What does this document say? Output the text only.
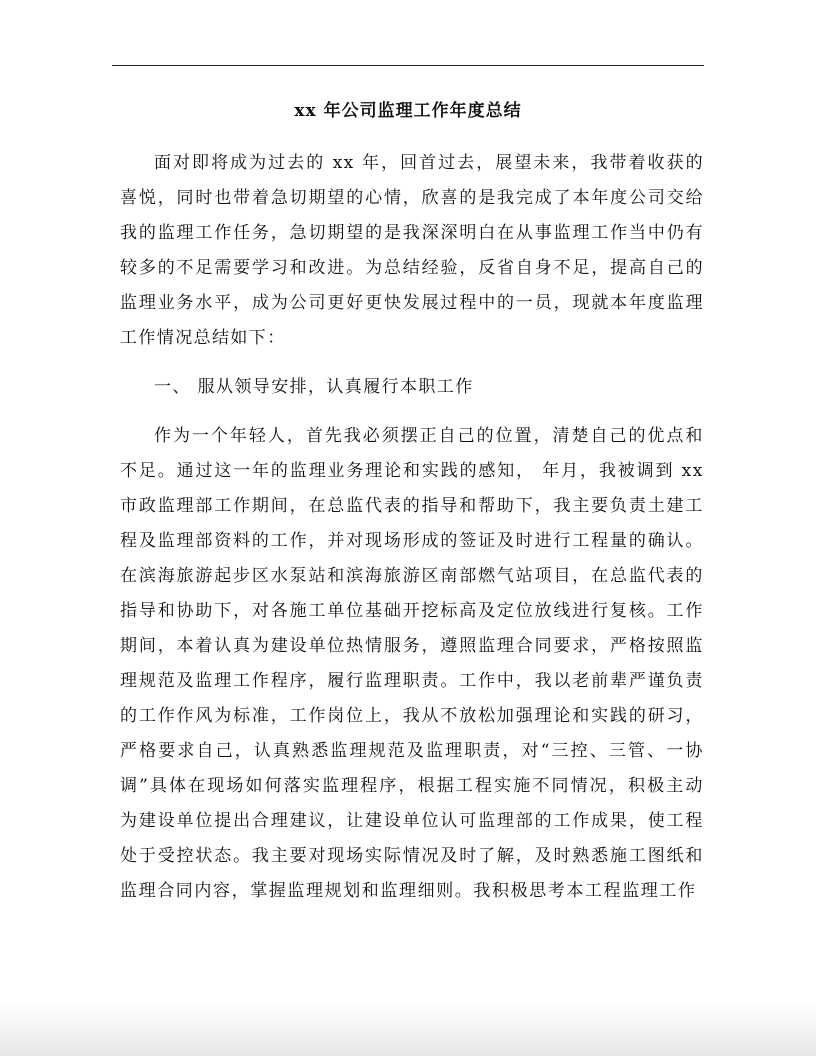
xx 年公司监理工作年度总结

面对即将成为过去的 xx 年，回首过去，展望未来，我带着收获的喜悦，同时也带着急切期望的心情，欣喜的是我完成了本年度公司交给我的监理工作任务，急切期望的是我深深明白在从事监理工作当中仍有较多的不足需要学习和改进。为总结经验，反省自身不足，提高自己的监理业务水平，成为公司更好更快发展过程中的一员，现就本年度监理工作情况总结如下：

一、 服从领导安排，认真履行本职工作

作为一个年轻人，首先我必须摆正自己的位置，清楚自己的优点和不足。通过这一年的监理业务理论和实践的感知， 年月，我被调到 xx 市政监理部工作期间，在总监代表的指导和帮助下，我主要负责土建工程及监理部资料的工作，并对现场形成的签证及时进行工程量的确认。在滨海旅游起步区水泵站和滨海旅游区南部燃气站项目，在总监代表的指导和协助下，对各施工单位基础开挖标高及定位放线进行复核。工作期间，本着认真为建设单位热情服务，遵照监理合同要求，严格按照监理规范及监理工作程序，履行监理职责。工作中，我以老前辈严谨负责的工作作风为标准，工作岗位上，我从不放松加强理论和实践的研习，严格要求自己，认真熟悉监理规范及监理职责，对“三控、三管、一协调”具体在现场如何落实监理程序，根据工程实施不同情况，积极主动为建设单位提出合理建议，让建设单位认可监理部的工作成果，使工程处于受控状态。我主要对现场实际情况及时了解，及时熟悉施工图纸和监理合同内容，掌握监理规划和监理细则。我积极思考本工程监理工作
